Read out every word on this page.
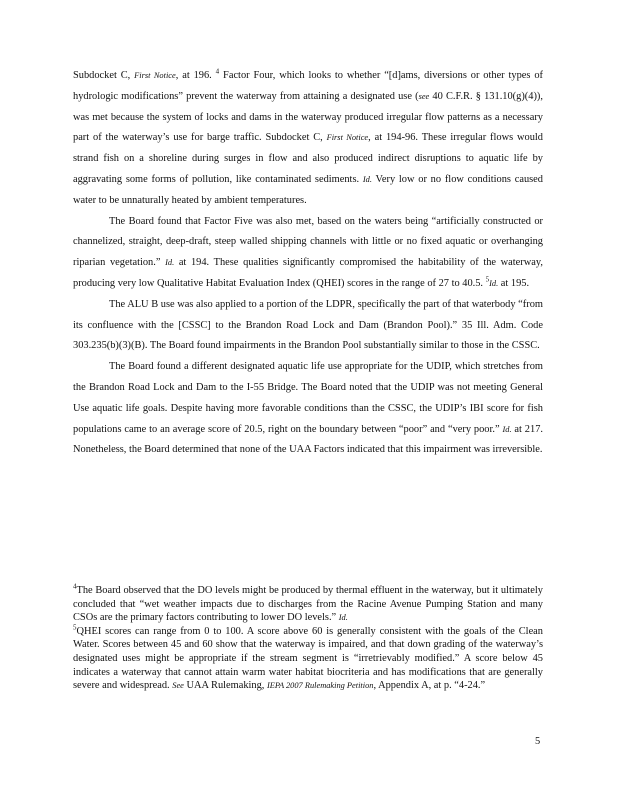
Subdocket C, First Notice, at 196. $^4$ Factor Four, which looks to whether “[d]ams, diversions or other types of hydrologic modifications” prevent the waterway from attaining a designated use (see 40 C.F.R. § 131.10(g)(4)), was met because the system of locks and dams in the waterway produced irregular flow patterns as a necessary part of the waterway’s use for barge traffic. Subdocket C, First Notice, at 194-96. These irregular flows would strand fish on a shoreline during surges in flow and also produced indirect disruptions to aquatic life by aggravating some forms of pollution, like contaminated sediments. Id. Very low or no flow conditions caused water to be unnaturally heated by ambient temperatures.

The Board found that Factor Five was also met, based on the waters being “artificially constructed or channelized, straight, deep-draft, steep walled shipping channels with little or no fixed aquatic or overhanging riparian vegetation.” Id. at 194. These qualities significantly compromised the habitability of the waterway, producing very low Qualitative Habitat Evaluation Index (QHEI) scores in the range of 27 to 40.5. $^5$Id. at 195.

The ALU B use was also applied to a portion of the LDPR, specifically the part of that waterbody “from its confluence with the [CSSC] to the Brandon Road Lock and Dam (Brandon Pool).” 35 Ill. Adm. Code 303.235(b)(3)(B). The Board found impairments in the Brandon Pool substantially similar to those in the CSSC.

The Board found a different designated aquatic life use appropriate for the UDIP, which stretches from the Brandon Road Lock and Dam to the I-55 Bridge. The Board noted that the UDIP was not meeting General Use aquatic life goals. Despite having more favorable conditions than the CSSC, the UDIP’s IBI score for fish populations came to an average score of 20.5, right on the boundary between “poor” and “very poor.” Id. at 217. Nonetheless, the Board determined that none of the UAA Factors indicated that this impairment was irreversible.

$^4$The Board observed that the DO levels might be produced by thermal effluent in the waterway, but it ultimately concluded that “wet weather impacts due to discharges from the Racine Avenue Pumping Station and many CSOs are the primary factors contributing to lower DO levels.” Id.

$^5$QHEI scores can range from 0 to 100. A score above 60 is generally consistent with the goals of the Clean Water. Scores between 45 and 60 show that the waterway is impaired, and that down grading of the waterway’s designated uses might be appropriate if the stream segment is “irretrievably modified.” A score below 45 indicates a waterway that cannot attain warm water habitat biocriteria and has modifications that are generally severe and widespread. See UAA Rulemaking, IEPA 2007 Rulemaking Petition, Appendix A, at p. “4-24.”

5
